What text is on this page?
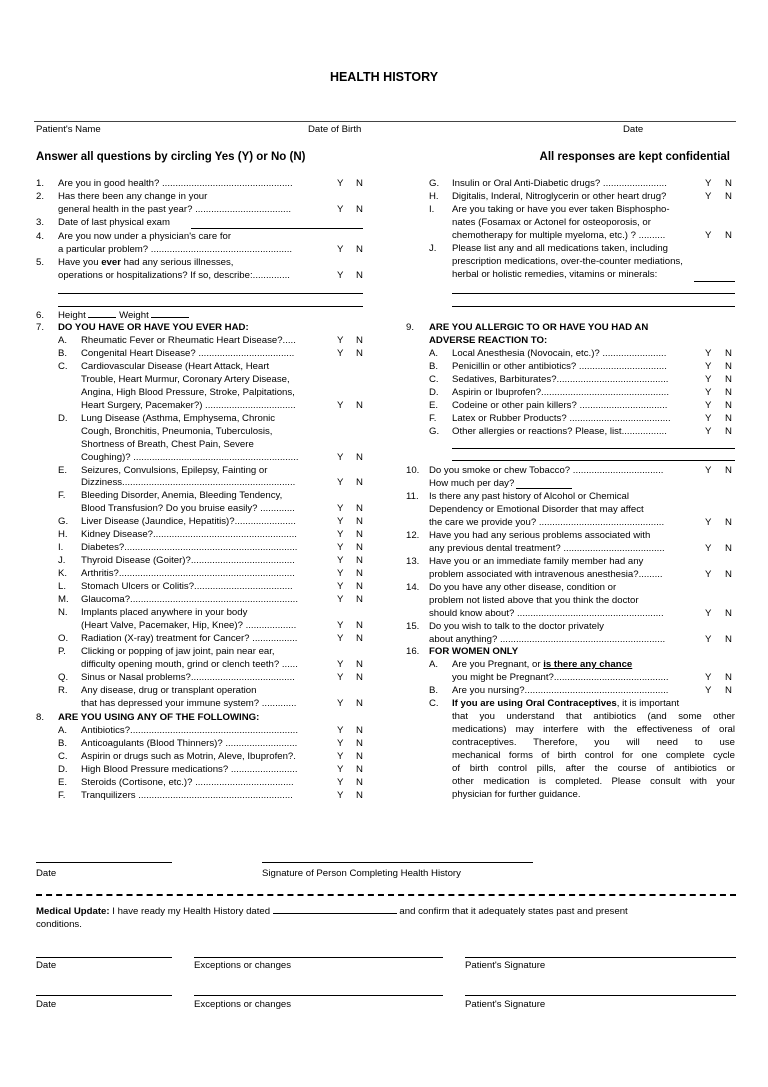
HEALTH HISTORY
Patient's Name	Date of Birth	Date
Answer all questions by circling Yes (Y) or No (N)	All responses are kept confidential
1. Are you in good health? .................................................	Y N
2. Has there been any change in your
general health in the past year? ....................................	Y N
3. Date of last physical exam
4. Are you now under a physician's care for
a particular problem? .....................................................	Y N
5. Have you ever had any serious illnesses,
operations or hospitalizations? If so, describe:..............	Y N
6. Height	Weight
7. DO YOU HAVE OR HAVE YOU EVER HAD:
A. Rheumatic Fever or Rheumatic Heart Disease?.....	Y N
B. Congenital Heart Disease? ....................................	Y N
C. Cardiovascular Disease (Heart Attack, Heart
Trouble, Heart Murmur, Coronary Artery Disease,
Angina, High Blood Pressure, Stroke, Palpitations,
Heart Surgery, Pacemaker?) ..................................	Y N
D. Lung Disease (Asthma, Emphysema, Chronic
Cough, Bronchitis, Pneumonia, Tuberculosis,
Shortness of Breath, Chest Pain, Severe
Coughing)? ..............................................................	Y N
E. Seizures, Convulsions, Epilepsy, Fainting or
Dizziness.................................................................	Y N
F. Bleeding Disorder, Anemia, Bleeding Tendency,
Blood Transfusion? Do you bruise easily? .............	Y N
G. Liver Disease (Jaundice, Hepatitis)?.......................	Y N
H. Kidney Disease?......................................................	Y N
I. Diabetes?.................................................................	Y N
J. Thyroid Disease (Goiter)?.......................................	Y N
K. Arthritis?..................................................................	Y N
L. Stomach Ulcers or Colitis?.....................................	Y N
M. Glaucoma?...............................................................	Y N
N. Implants placed anywhere in your body
(Heart Valve, Pacemaker, Hip, Knee)? ...................	Y N
O. Radiation (X-ray) treatment for Cancer? .................	Y N
P. Clicking or popping of jaw joint, pain near ear,
difficulty opening mouth, grind or clench teeth? ......	Y N
Q. Sinus or Nasal problems?.......................................	Y N
R. Any disease, drug or transplant operation
that has depressed your immune system? .............	Y N
8. ARE YOU USING ANY OF THE FOLLOWING:
A. Antibiotics?...............................................................	Y N
B. Anticoagulants (Blood Thinners)? ...........................	Y N
C. Aspirin or drugs such as Motrin, Aleve, Ibuprofen?.	Y N
D. High Blood Pressure medications? .........................	Y N
E. Steroids (Cortisone, etc.)? .....................................	Y N
F. Tranquilizers ..........................................................	Y N
G. Insulin or Oral Anti-Diabetic drugs? ........................	Y N
H. Digitalis, Inderal, Nitroglycerin or other heart drug?	Y N
I. Are you taking or have you ever taken Bisphospho-
nates (Fosamax or Actonel for osteoporosis, or
chemotherapy for multiple myeloma, etc.) ? ..........	Y N
J. Please list any and all medications taken, including
prescription medications, over-the-counter mediations,
herbal or holistic remedies, vitamins or minerals:
9. ARE YOU ALLERGIC TO OR HAVE YOU HAD AN
ADVERSE REACTION TO:
A. Local Anesthesia (Novocain, etc.)? ........................	Y N
B. Penicillin or other antibiotics? .................................	Y N
C. Sedatives, Barbiturates?..........................................	Y N
D. Aspirin or Ibuprofen?................................................	Y N
E. Codeine or other pain killers? .................................	Y N
F. Latex or Rubber Products? ......................................	Y N
G. Other allergies or reactions? Please, list.................	Y N
10. Do you smoke or chew Tobacco? ..................................	Y N
How much per day?
11. Is there any past history of Alcohol or Chemical
Dependency or Emotional Disorder that may affect
the care we provide you? ...............................................	Y N
12. Have you had any serious problems associated with
any previous dental treatment? ......................................	Y N
13. Have you or an immediate family member had any
problem associated with intravenous anesthesia?.........	Y N
14. Do you have any other disease, condition or
problem not listed above that you think the doctor
should know about? .......................................................	Y N
15. Do you wish to talk to the doctor privately
about anything? ..............................................................	Y N
16. FOR WOMEN ONLY
A. Are you Pregnant, or is there any chance
you might be Pregnant?...........................................	Y N
B. Are you nursing?......................................................	Y N
C. If you are using Oral Contraceptives, it is important
that you understand that antibiotics (and some other
medications) may interfere with the effectiveness of oral
contraceptives. Therefore, you will need to use
mechanical forms of birth control for one complete cycle
of birth control pills, after the course of antibiotics or
other medication is completed. Please consult with your
physician for further guidance.
Date	Signature of Person Completing Health History
Medical Update: I have ready my Health History dated	and confirm that it adequately states past and present
conditions.
Date	Exceptions or changes	Patient's Signature
Date	Exceptions or changes	Patient's Signature
